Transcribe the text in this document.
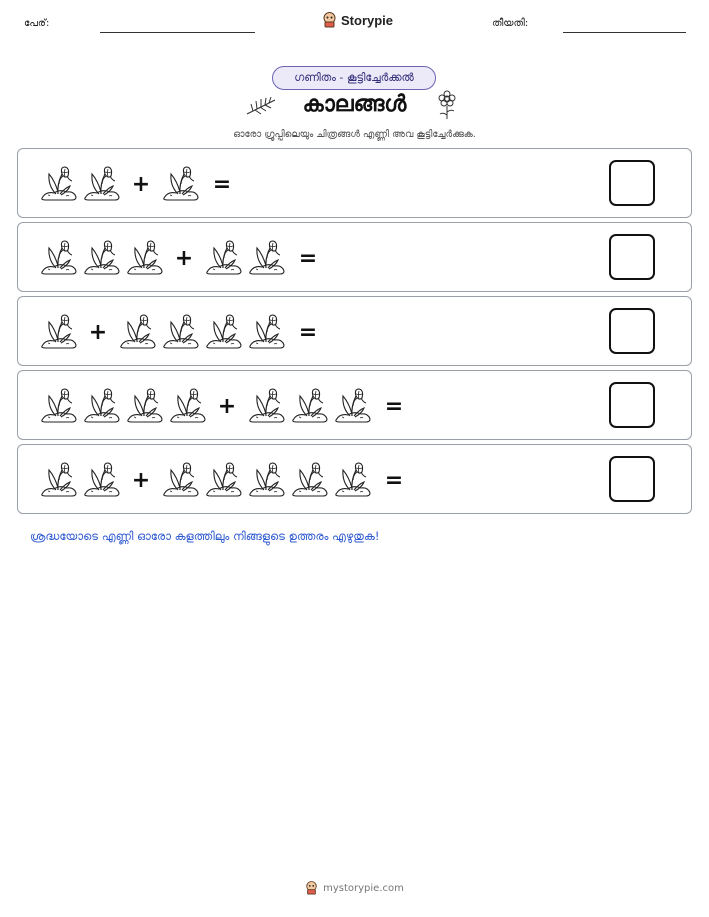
പേര്:	Storypie	തീയതി:
ഗണിതം - കൂട്ടിച്ചേർക്കൽ
കാലങ്ങൾ
ഓരോ ഗ്രൂപ്പിലെയും ചിത്രങ്ങൾ എണ്ണി അവ കൂട്ടിച്ചേർക്കുക.
+	=
+	=
+	=
+	=
+	=
ശ്രദ്ധയോടെ എണ്ണി ഓരോ കളത്തിലും നിങ്ങളുടെ ഉത്തരം എഴുതുക!
mystorypie.com
